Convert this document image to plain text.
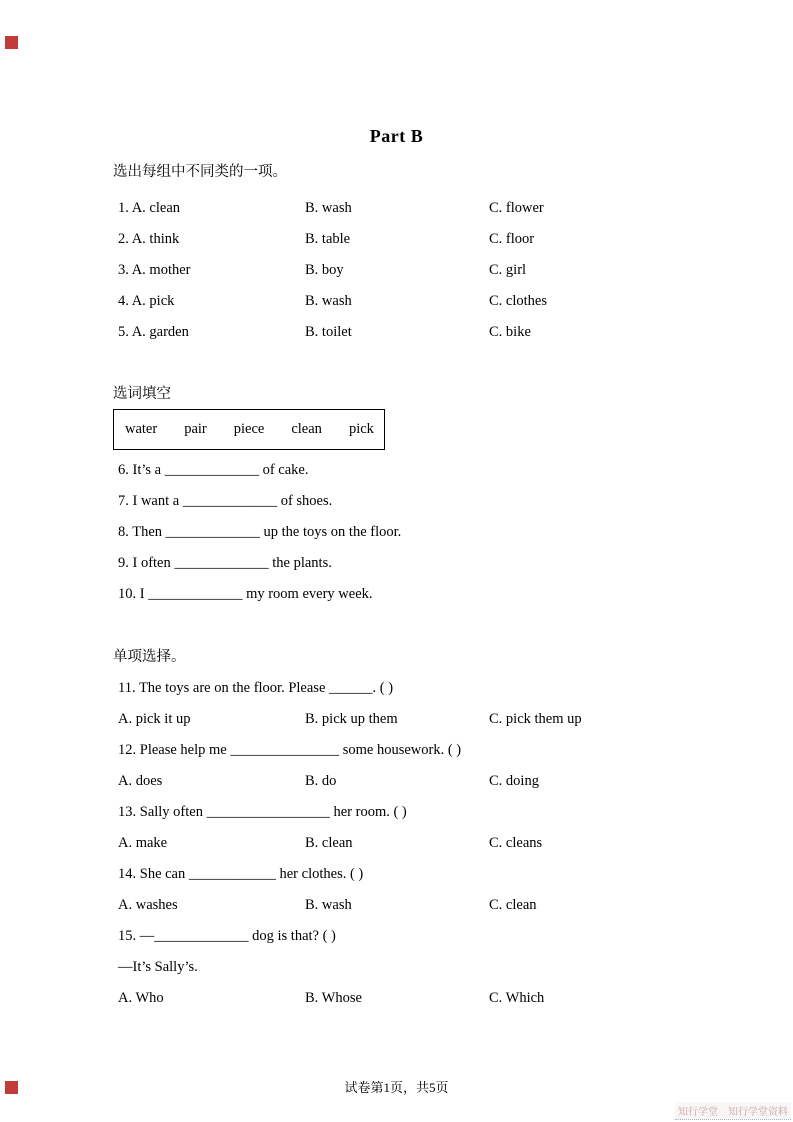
Part B
选出每组中不同类的一项。
1. A. clean	B. wash	C. flower
2. A. think	B. table	C. floor
3. A. mother	B. boy	C. girl
4. A. pick	B. wash	C. clothes
5. A. garden	B. toilet	C. bike
选词填空
water pair piece clean pick
6. It’s a _____________ of cake.
7. I want a _____________ of shoes.
8. Then _____________ up the toys on the floor.
9. I often _____________ the plants.
10. I _____________ my room every week.
单项选择。
11. The toys are on the floor. Please ______. ( )
A. pick it up	B. pick up them	C. pick them up
12. Please help me _______________ some housework. ( )
A. does	B. do	C. doing
13. Sally often _________________ her room. ( )
A. make	B. clean	C. cleans
14. She can ____________ her clothes. ( )
A. washes	B. wash	C. clean
15. —_____________ dog is that? ( )
—It’s Sally’s.
A. Who	B. Whose	C. Which
试卷第1页，共5页
知行学堂 知行学堂资料
